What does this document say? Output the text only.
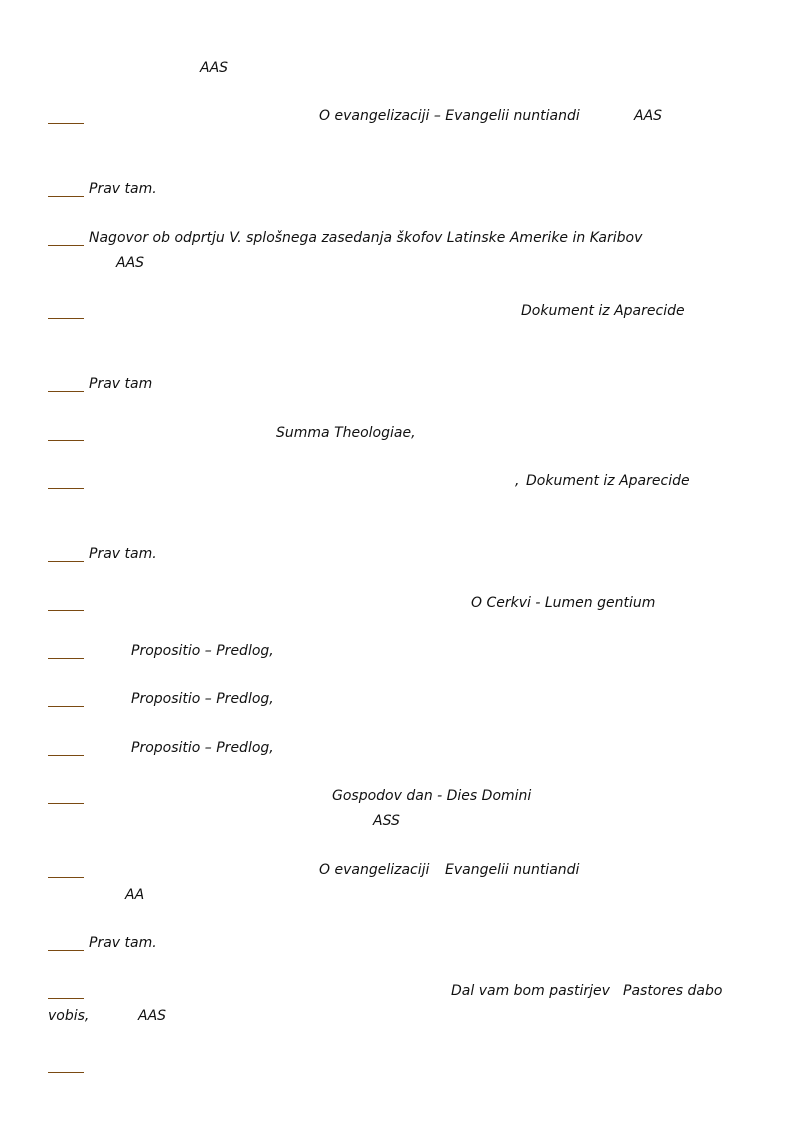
AAS
O evangelizaciji – Evangelii nuntiandi	AAS
Prav tam.
Nagovor ob odprtju V. splošnega zasedanja škofov Latinske Amerike in Karibov
AAS
Dokument iz Aparecide
Prav tam
Summa Theologiae,
, Dokument iz Aparecide
Prav tam.
O Cerkvi - Lumen gentium
Propositio – Predlog,
Propositio – Predlog,
Propositio – Predlog,
Gospodov dan - Dies Domini
ASS
O evangelizaciji Evangelii nuntiandi
AA
Prav tam.
Dal vam bom pastirjev Pastores dabo
vobis,	AAS
